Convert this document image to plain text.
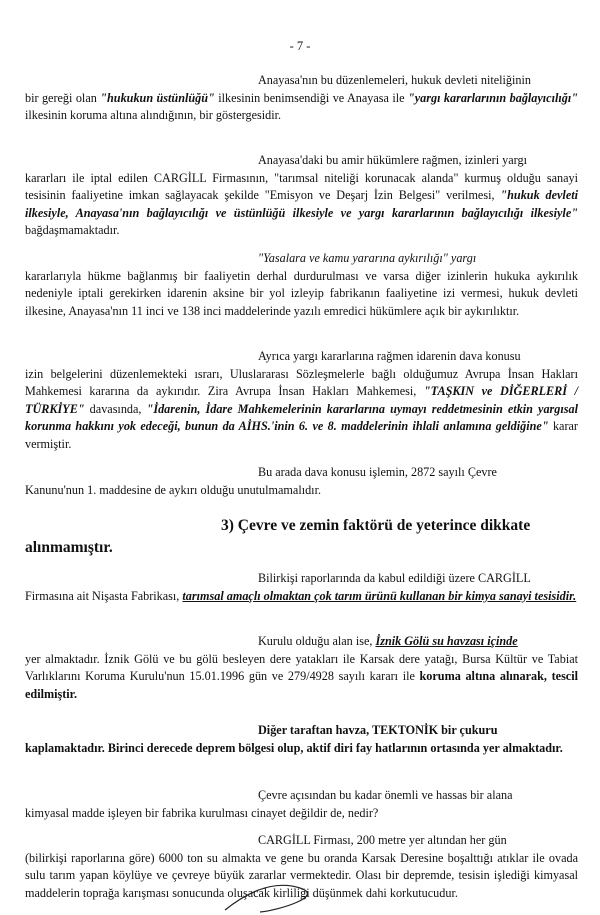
- 7 -
Anayasa'nın bu düzenlemeleri, hukuk devleti niteliğinin
bir gereği olan "hukukun üstünlüğü" ilkesinin benimsendiği ve Anayasa ile "yargı kararlarının bağlayıcılığı" ilkesinin koruma altına alındığının, bir göstergesidir.
Anayasa'daki bu amir hükümlere rağmen, izinleri yargı
kararları ile iptal edilen CARGİLL Firmasının, "tarımsal niteliği korunacak alanda" kurmuş olduğu sanayi tesisinin faaliyetine imkan sağlayacak şekilde "Emisyon ve Deşarj İzin Belgesi" verilmesi, "hukuk devleti ilkesiyle, Anayasa'nın bağlayıcılığı ve üstünlüğü ilkesiyle ve yargı kararlarının bağlayıcılığı ilkesiyle" bağdaşmamaktadır.
"Yasalara ve kamu yararına aykırılığı" yargı
kararlarıyla hükme bağlanmış bir faaliyetin derhal durdurulması ve varsa diğer izinlerin hukuka aykırılık nedeniyle iptali gerekirken idarenin aksine bir yol izleyip fabrikanın faaliyetine izi vermesi, hukuk devleti ilkesine, Anayasa'nın 11 inci ve 138 inci maddelerinde yazılı emredici hükümlere açık bir aykırılıktır.
Ayrıca yargı kararlarına rağmen idarenin dava konusu
izin belgelerini düzenlemekteki ısrarı, Uluslararası Sözleşmelerle bağlı olduğumuz Avrupa İnsan Hakları Mahkemesi kararına da aykırıdır. Zira Avrupa İnsan Hakları Mahkemesi, "TAŞKIN ve DİĞERLERİ / TÜRKİYE" davasında, "İdarenin, İdare Mahkemelerinin kararlarına uymayı reddetmesinin etkin yargısal korunma hakkını yok edeceği, bunun da AİHS.'inin 6. ve 8. maddelerinin ihlali anlamına geldiğine" karar vermiştir.
Bu arada dava konusu işlemin, 2872 sayılı Çevre
Kanunu'nun 1. maddesine de aykırı olduğu unutulmamalıdır.
3) Çevre ve zemin faktörü de yeterince dikkate
alınmamıştır.
Bilirkişi raporlarında da kabul edildiği üzere CARGİLL
Firmasına ait Nişasta Fabrikası, tarımsal amaçlı olmaktan çok tarım ürünü kullanan bir kimya sanayi tesisidir.
Kurulu olduğu alan ise, İznik Gölü su havzası içinde
yer almaktadır. İznik Gölü ve bu gölü besleyen dere yatakları ile Karsak dere yatağı, Bursa Kültür ve Tabiat Varlıklarını Koruma Kurulu'nun 15.01.1996 gün ve 279/4928 sayılı kararı ile koruma altına alınarak, tescil edilmiştir.
Diğer taraftan havza, TEKTONİK bir çukuru
kaplamaktadır. Birinci derecede deprem bölgesi olup, aktif diri fay hatlarının ortasında yer almaktadır.
Çevre açısından bu kadar önemli ve hassas bir alana
kimyasal madde işleyen bir fabrika kurulması cinayet değildir de, nedir?
CARGİLL Firması, 200 metre yer altından her gün
(bilirkişi raporlarına göre) 6000 ton su almakta ve gene bu oranda Karsak Deresine boşalttığı atıklar ile ovada sulu tarım yapan köylüye ve çevreye büyük zararlar vermektedir. Olası bir depremde, tesisin işlediği kimyasal maddelerin toprağa karışması sonucunda oluşacak kirliliği düşünmek dahi korkutucudur.
